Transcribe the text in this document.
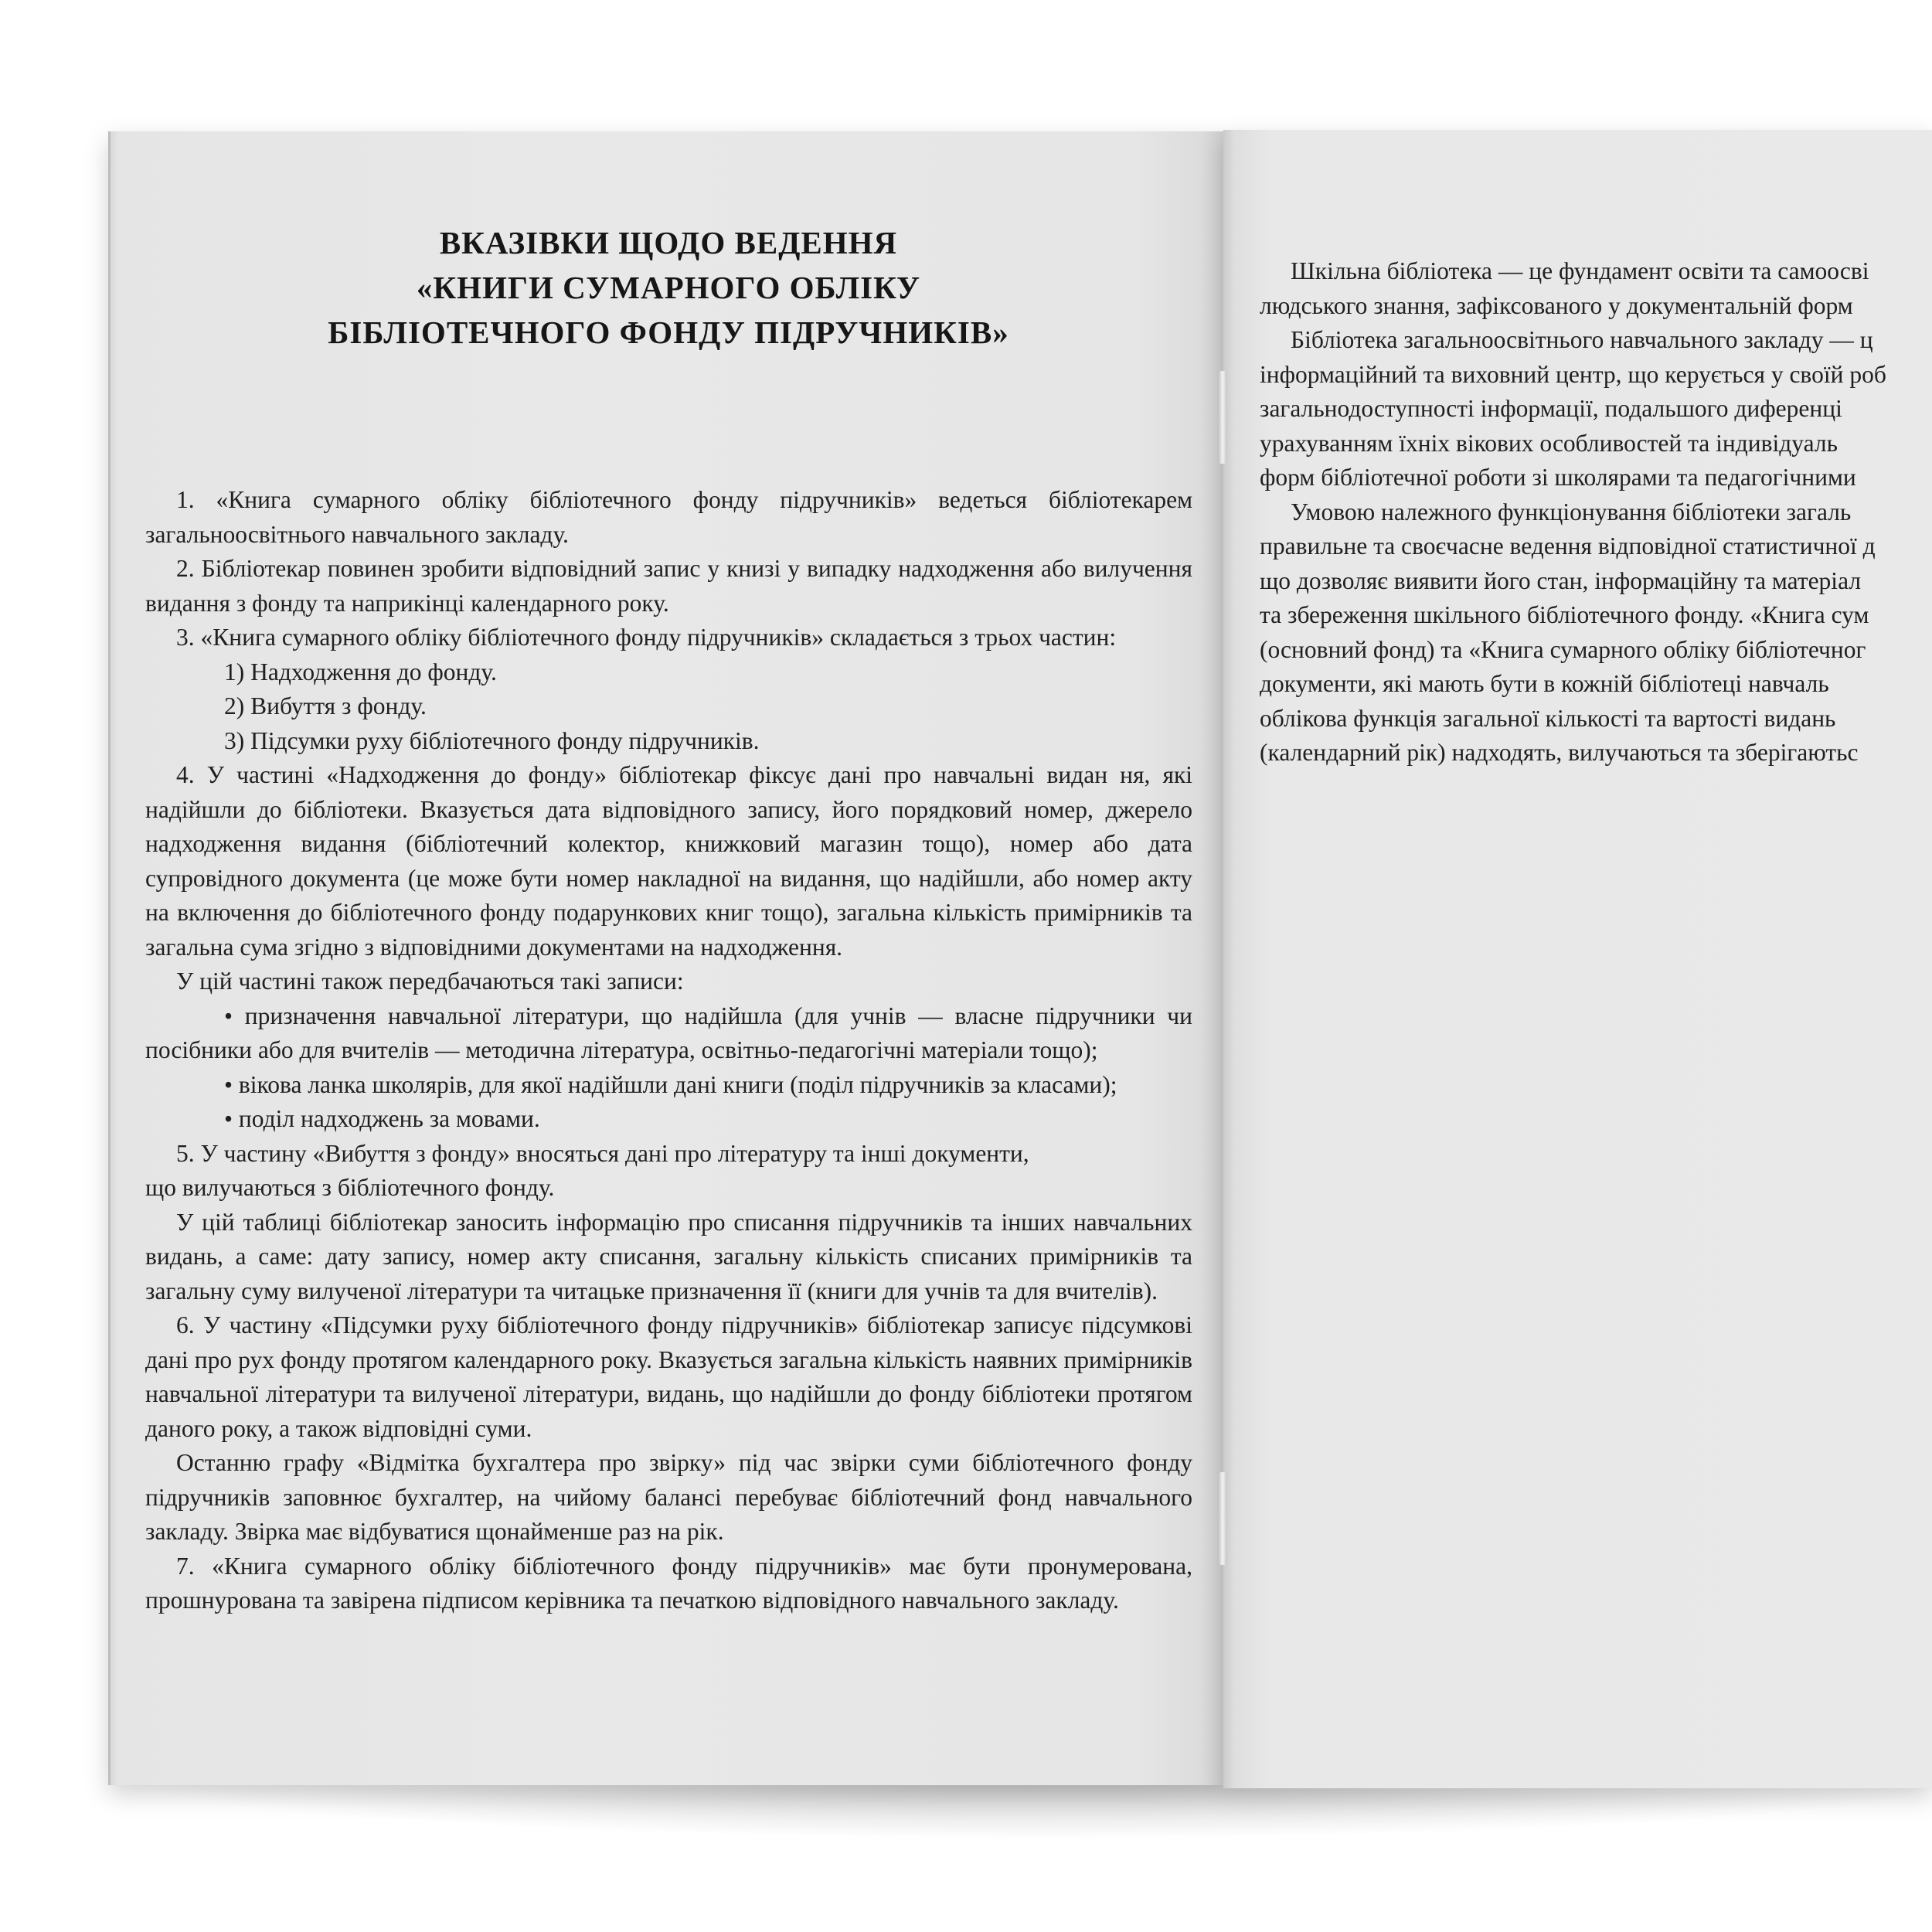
ВКАЗІВКИ ЩОДО ВЕДЕННЯ
«КНИГИ СУМАРНОГО ОБЛІКУ
БІБЛІОТЕЧНОГО ФОНДУ ПІДРУЧНИКІВ»

1. «Книга сумарного обліку бібліотечного фонду підручників» ведеться бібліотекарем загальноосвітнього навчального закладу.

2. Бібліотекар повинен зробити відповідний запис у книзі у випадку надходження або вилучення видання з фонду та наприкінці календарного року.

3. «Книга сумарного обліку бібліотечного фонду підручників» складається з трьох частин:

1) Надходження до фонду.

2) Вибуття з фонду.

3) Підсумки руху бібліотечного фонду підручників.

4. У частині «Надходження до фонду» бібліотекар фіксує дані про навчальні видан ня, які надійшли до бібліотеки. Вказується дата відповідного запису, його порядковий номер, джерело надходження видання (бібліотечний колектор, книжковий магазин тощо), номер або дата супровідного документа (це може бути номер накладної на видання, що надійшли, або номер акту на включення до бібліотечного фонду подарункових книг тощо), загальна кількість примірників та загальна сума згідно з відповідними документами на надходження.

У цій частині також передбачаються такі записи:

• призначення навчальної літератури, що надійшла (для учнів — власне підручники чи посібники або для вчителів — методична література, освітньо-педагогічні матеріали тощо);

• вікова ланка школярів, для якої надійшли дані книги (поділ підручників за класами);

• поділ надходжень за мовами.

5. У частину «Вибуття з фонду» вносяться дані про літературу та інші документи,

що вилучаються з бібліотечного фонду.

У цій таблиці бібліотекар заносить інформацію про списання підручників та інших навчальних видань, а саме: дату запису, номер акту списання, загальну кількість списаних примірників та загальну суму вилученої літератури та читацьке призначення її (книги для учнів та для вчителів).

6. У частину «Підсумки руху бібліотечного фонду підручників» бібліотекар записує підсумкові дані про рух фонду протягом календарного року. Вказується загальна кількість наявних примірників навчальної літератури та вилученої літератури, видань, що надійшли до фонду бібліотеки протягом даного року, а також відповідні суми.

Останню графу «Відмітка бухгалтера про звірку» під час звірки суми бібліотечного фонду підручників заповнює бухгалтер, на чийому балансі перебуває бібліотечний фонд навчального закладу. Звірка має відбуватися щонайменше раз на рік.

7. «Книга сумарного обліку бібліотечного фонду підручників» має бути пронумерована, прошнурована та завірена підписом керівника та печаткою відповідного навчального закладу.

Шкільна бібліотека — це фундамент освіти та самоосві
людського знання, зафіксованого у документальній форм
Бібліотека загальноосвітнього навчального закладу — ц
інформаційний та виховний центр, що керується у своїй роб
загальнодоступності інформації, подальшого диференці
урахуванням їхніх вікових особливостей та індивідуаль
форм бібліотечної роботи зі школярами та педагогічними
Умовою належного функціонування бібліотеки загаль
правильне та своєчасне ведення відповідної статистичної д
що дозволяє виявити його стан, інформаційну та матеріал
та збереження шкільного бібліотечного фонду. «Книга сум
(основний фонд) та «Книга сумарного обліку бібліотечног
документи, які мають бути в кожній бібліотеці навчаль
облікова функція загальної кількості та вартості видань
(календарний рік) надходять, вилучаються та зберігаютьс
